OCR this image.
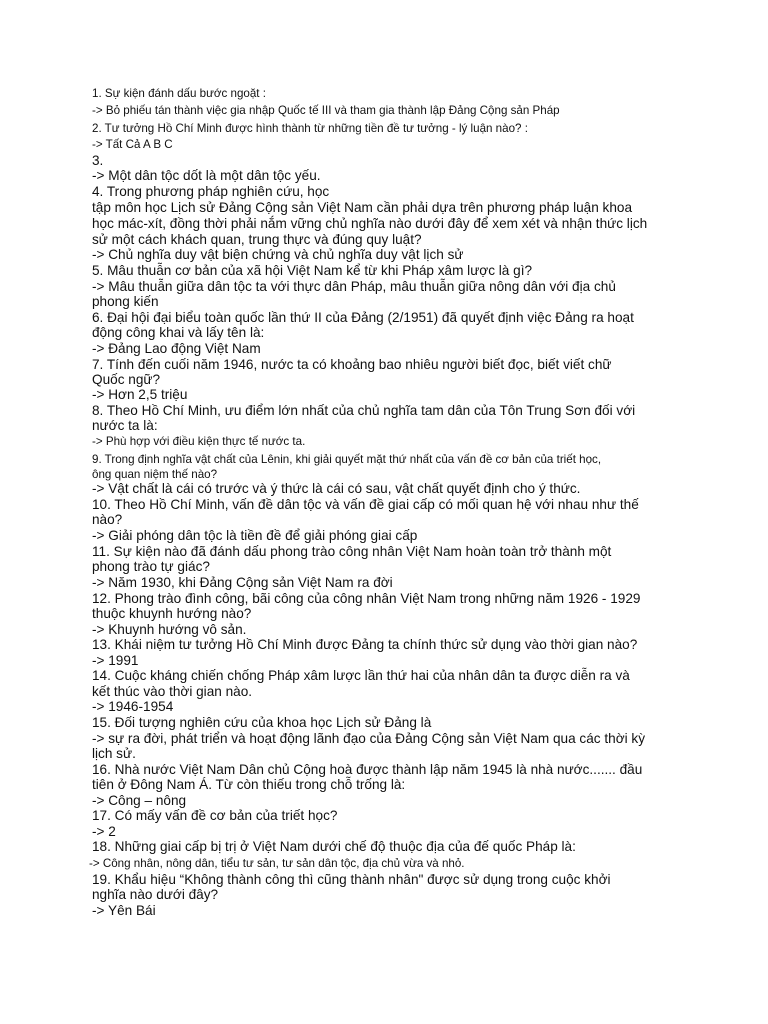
1. Sự kiện đánh dấu bước ngoặt :
-> Bỏ phiếu tán thành việc gia nhập Quốc tế III và tham gia thành lập Đảng Cộng sản Pháp
2. Tư tưởng Hồ Chí Minh được hình thành từ những tiền đề tư tưởng - lý luận nào? :
-> Tất Cả A B C
3.
-> Một dân tộc dốt là một dân tộc yếu.
4. Trong phương pháp nghiên cứu, học
tập môn học Lịch sử Đảng Cộng sản Việt Nam cần phải dựa trên phương pháp luận khoa
học mác-xít, đồng thời phải nắm vững chủ nghĩa nào dưới đây để xem xét và nhận thức lịch
sử một cách khách quan, trung thực và đúng quy luật?
-> Chủ nghĩa duy vật biện chứng và chủ nghĩa duy vật lịch sử
5. Mâu thuẫn cơ bản của xã hội Việt Nam kể từ khi Pháp xâm lược là gì?
-> Mâu thuẫn giữa dân tộc ta với thực dân Pháp, mâu thuẫn giữa nông dân với địa chủ
phong kiến
6. Đại hội đại biểu toàn quốc lần thứ II của Đảng (2/1951) đã quyết định việc Đảng ra hoạt
động công khai và lấy tên là:
-> Đảng Lao động Việt Nam
7. Tính đến cuối năm 1946, nước ta có khoảng bao nhiêu người biết đọc, biết viết chữ
Quốc ngữ?
-> Hơn 2,5 triệu
8. Theo Hồ Chí Minh, ưu điểm lớn nhất của chủ nghĩa tam dân của Tôn Trung Sơn đối với
nước ta là:
-> Phù hợp với điều kiện thực tế nước ta.
9. Trong định nghĩa vật chất của Lênin, khi giải quyết mặt thứ nhất của vấn đề cơ bản của triết học,
ông quan niệm thế nào?
-> Vật chất là cái có trước và ý thức là cái có sau, vật chất quyết định cho ý thức.
10. Theo Hồ Chí Minh, vấn đề dân tộc và vấn đề giai cấp có mối quan hệ với nhau như thế
nào?
-> Giải phóng dân tộc là tiền đề để giải phóng giai cấp
11. Sự kiện nào đã đánh dấu phong trào công nhân Việt Nam hoàn toàn trở thành một
phong trào tự giác?
-> Năm 1930, khi Đảng Cộng sản Việt Nam ra đời
12. Phong trào đình công, bãi công của công nhân Việt Nam trong những năm 1926 - 1929
thuộc khuynh hướng nào?
-> Khuynh hướng vô sản.
13. Khái niệm tư tưởng Hồ Chí Minh được Đảng ta chính thức sử dụng vào thời gian nào?
-> 1991
14. Cuộc kháng chiến chống Pháp xâm lược lần thứ hai của nhân dân ta được diễn ra và
kết thúc vào thời gian nào.
-> 1946-1954
15. Đối tượng nghiên cứu của khoa học Lịch sử Đảng là
-> sự ra đời, phát triển và hoạt động lãnh đạo của Đảng Cộng sản Việt Nam qua các thời kỳ
lịch sử.
16. Nhà nước Việt Nam Dân chủ Cộng hoà được thành lập năm 1945 là nhà nước....... đầu
tiên ở Đông Nam Á. Từ còn thiếu trong chỗ trống là:
-> Công – nông
17. Có mấy vấn đề cơ bản của triết học?
-> 2
18. Những giai cấp bị trị ở Việt Nam dưới chế độ thuộc địa của đế quốc Pháp là:
-> Công nhân, nông dân, tiểu tư sản, tư sản dân tộc, địa chủ vừa và nhỏ.
19. Khẩu hiệu “Không thành công thì cũng thành nhân" được sử dụng trong cuộc khởi
nghĩa nào dưới đây?
-> Yên Bái
